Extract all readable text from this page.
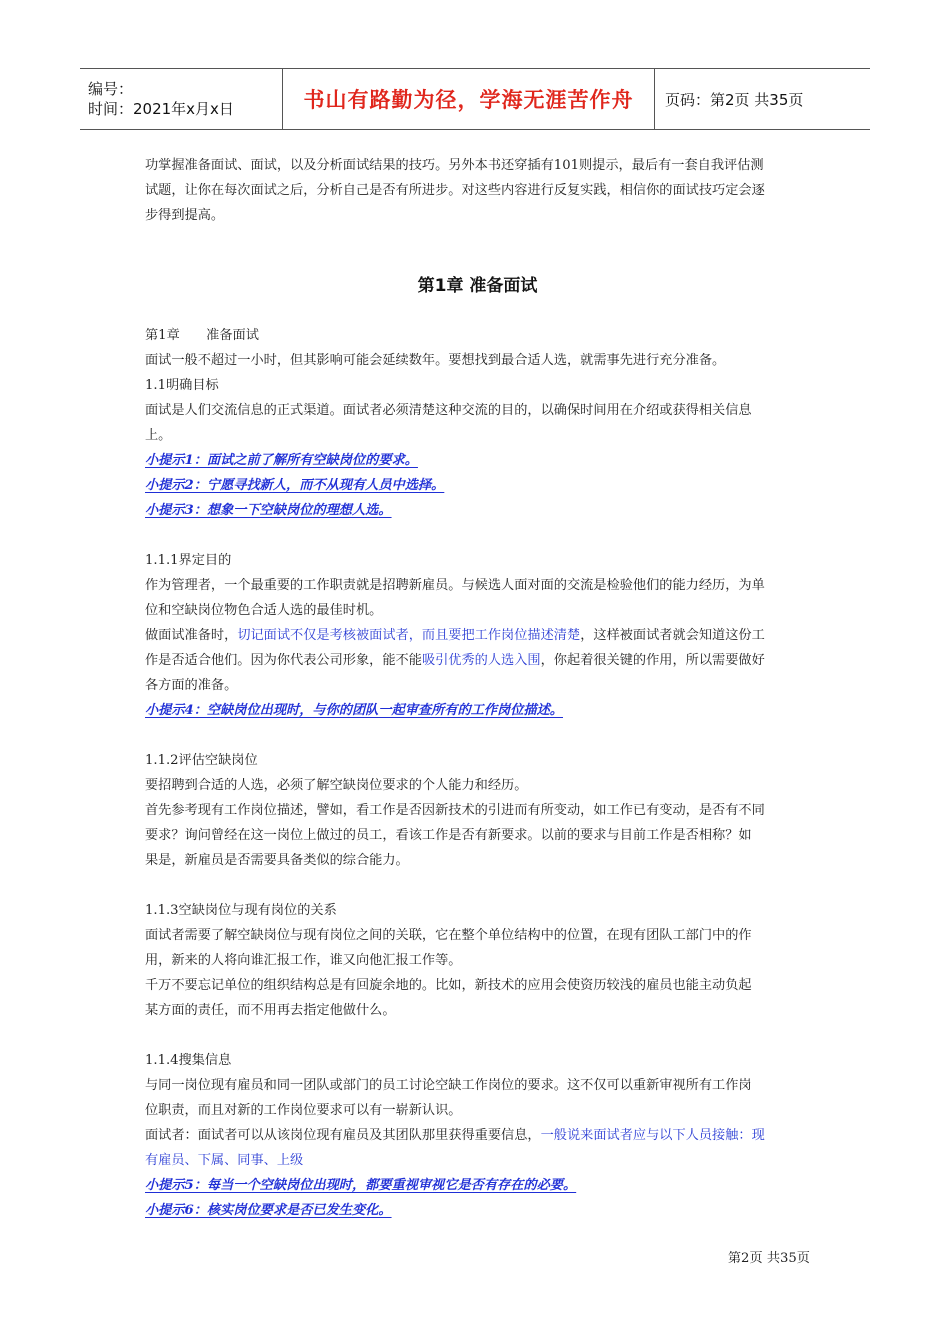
编号：
时间：2021年x月x日	书山有路勤为径，学海无涯苦作舟	页码：第2页 共35页

功掌握准备面试、面试，以及分析面试结果的技巧。另外本书还穿插有101则提示，最后有一套自我评估测

试题，让你在每次面试之后，分析自己是否有所进步。对这些内容进行反复实践，相信你的面试技巧定会逐

步得到提高。

第1章 准备面试

第1章　　准备面试

面试一般不超过一小时，但其影响可能会延续数年。要想找到最合适人选，就需事先进行充分准备。

1.1明确目标

面试是人们交流信息的正式渠道。面试者必须清楚这种交流的目的，以确保时间用在介绍或获得相关信息

上。

小提示1：面试之前了解所有空缺岗位的要求。

小提示2：宁愿寻找新人，而不从现有人员中选择。

小提示3：想象一下空缺岗位的理想人选。

1.1.1界定目的

作为管理者，一个最重要的工作职责就是招聘新雇员。与候选人面对面的交流是检验他们的能力经历，为单

位和空缺岗位物色合适人选的最佳时机。

做面试准备时，切记面试不仅是考核被面试者，而且要把工作岗位描述清楚，这样被面试者就会知道这份工

作是否适合他们。因为你代表公司形象，能不能吸引优秀的人选入围，你起着很关键的作用，所以需要做好

各方面的准备。

小提示4：空缺岗位出现时，与你的团队一起审查所有的工作岗位描述。

1.1.2评估空缺岗位

要招聘到合适的人选，必须了解空缺岗位要求的个人能力和经历。

首先参考现有工作岗位描述，譬如，看工作是否因新技术的引进而有所变动，如工作已有变动，是否有不同

要求？询问曾经在这一岗位上做过的员工，看该工作是否有新要求。以前的要求与目前工作是否相称？如

果是，新雇员是否需要具备类似的综合能力。

1.1.3空缺岗位与现有岗位的关系

面试者需要了解空缺岗位与现有岗位之间的关联，它在整个单位结构中的位置，在现有团队工部门中的作

用，新来的人将向谁汇报工作，谁又向他汇报工作等。

千万不要忘记单位的组织结构总是有回旋余地的。比如，新技术的应用会使资历较浅的雇员也能主动负起

某方面的责任，而不用再去指定他做什么。

1.1.4搜集信息

与同一岗位现有雇员和同一团队或部门的员工讨论空缺工作岗位的要求。这不仅可以重新审视所有工作岗

位职责，而且对新的工作岗位要求可以有一崭新认识。

面试者：面试者可以从该岗位现有雇员及其团队那里获得重要信息，一般说来面试者应与以下人员接触：现

有雇员、下属、同事、上级

小提示5：每当一个空缺岗位出现时，都要重视审视它是否有存在的必要。

小提示6：核实岗位要求是否已发生变化。

第2页 共35页
